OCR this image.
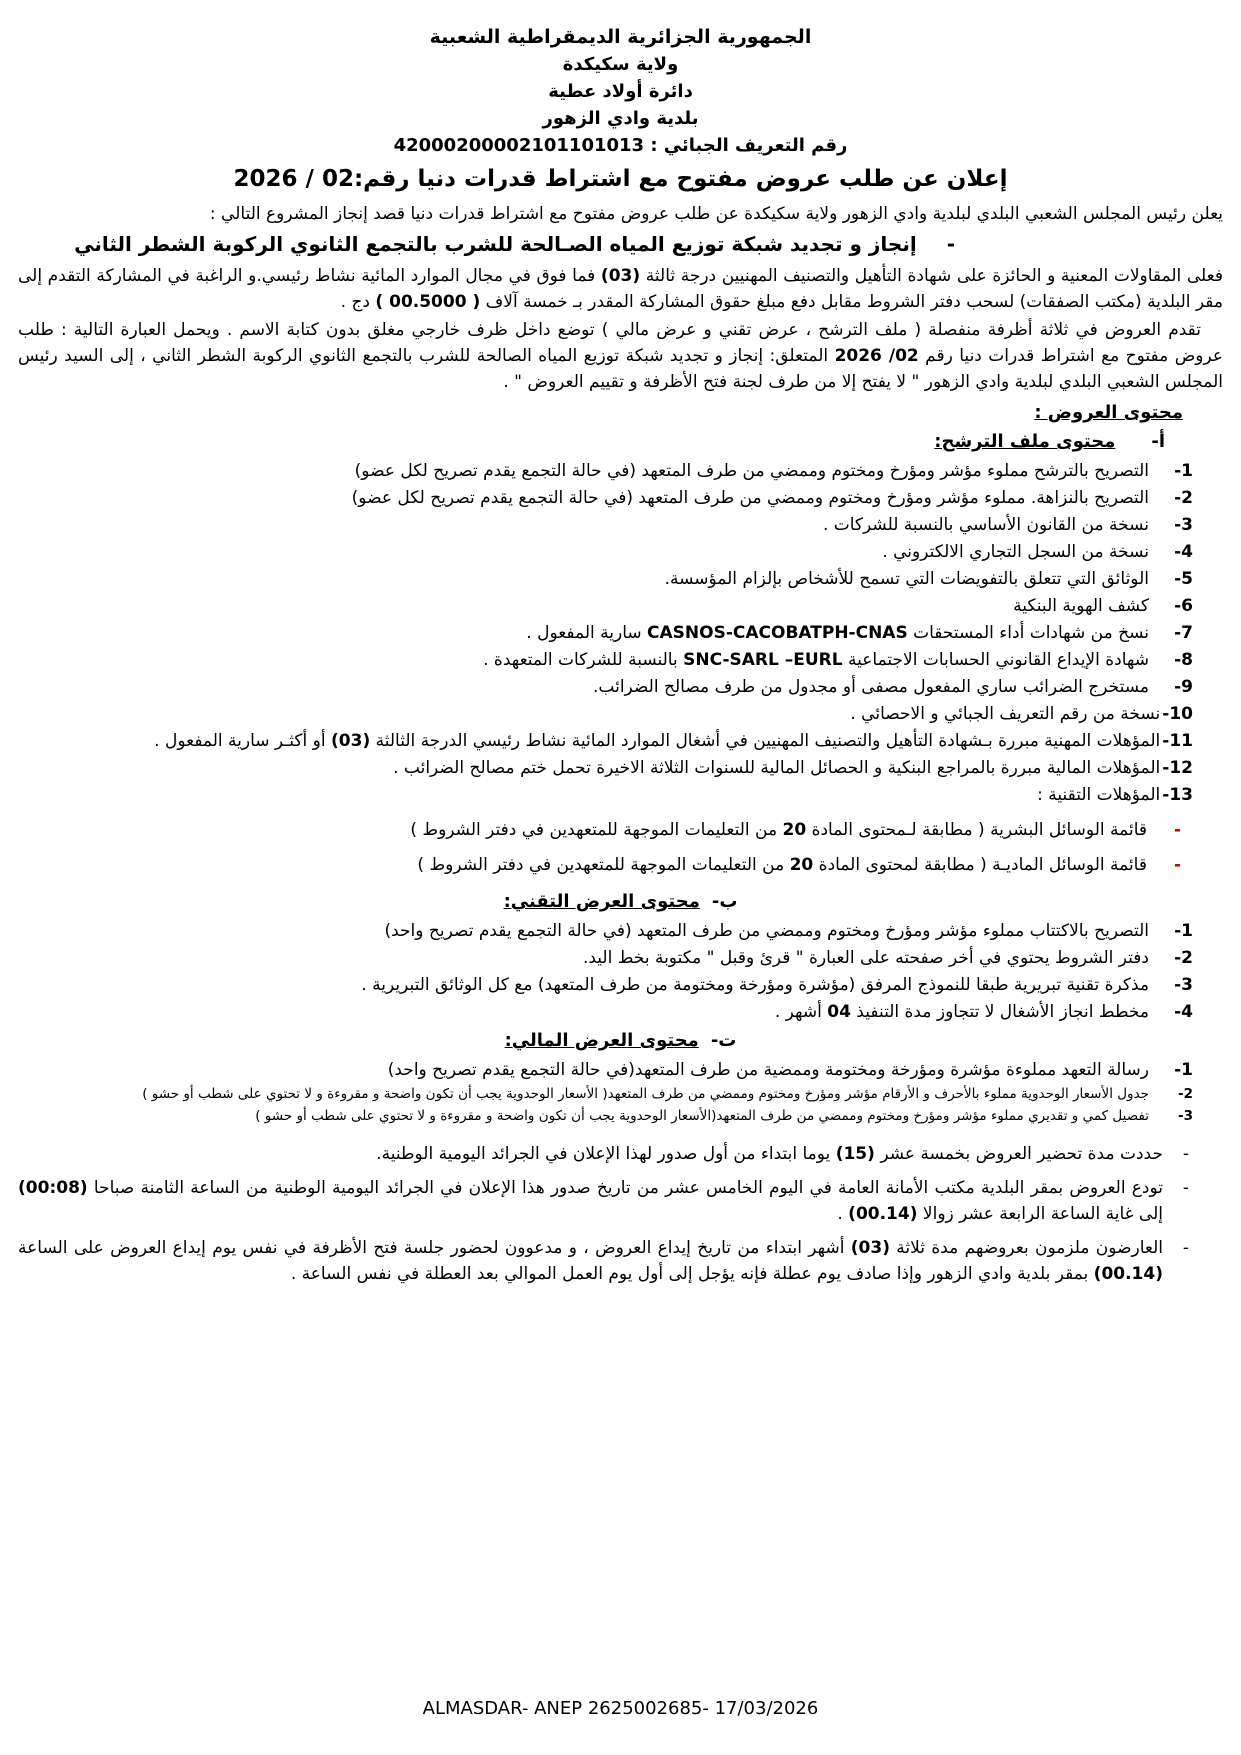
الجمهورية الجزائرية الديمقراطية الشعبية
ولاية سكيكدة
دائرة أولاد عطية
بلدية وادي الزهور
رقم التعريف الجبائي : 42000200002101101013
إعلان عن طلب عروض مفتوح مع اشتراط قدرات دنيا رقم:02 / 2026

يعلن رئيس المجلس الشعبي البلدي لبلدية وادي الزهور ولاية سكيكدة عن طلب عروض مفتوح مع اشتراط قدرات دنيا قصد إنجاز المشروع التالي :

-
إنجاز و تجديد شبكة توزيع المياه الصـالحة للشرب بالتجمع الثانوي الركوبة الشطر الثاني

فعلى المقاولات المعنية و الحائزة على شهادة التأهيل والتصنيف المهنيين درجة ثالثة (03) فما فوق في مجال الموارد المائية نشاط رئيسي.و الراغبة في المشاركة التقدم إلى مقر البلدية (مكتب الصفقات) لسحب دفتر الشروط مقابل دفع مبلغ حقوق المشاركة المقدر بـ خمسة آلاف ( 00.5000 ) دج .

تقدم العروض في ثلاثة أظرفة منفصلة ( ملف الترشح ، عرض تقني و عرض مالي ) توضع داخل ظرف خارجي مغلق بدون كتابة الاسم . ويحمل العبارة التالية : طلب عروض مفتوح مع اشتراط قدرات دنيا رقم 02/ 2026 المتعلق: إنجاز و تجديد شبكة توزيع المياه الصالحة للشرب بالتجمع الثانوي الركوبة الشطر الثاني ، إلى السيد رئيس المجلس الشعبي البلدي لبلدية وادي الزهور " لا يفتح إلا من طرف لجنة فتح الأظرفة و تقييم العروض " .

محتوى العروض :
أ-محتوى ملف الترشح:
1-
التصريح بالترشح مملوء مؤشر ومؤرخ ومختوم وممضي من طرف المتعهد (في حالة التجمع يقدم تصريح لكل عضو)
2-
التصريح بالنزاهة. مملوء مؤشر ومؤرخ ومختوم وممضي من طرف المتعهد (في حالة التجمع يقدم تصريح لكل عضو)
3-
نسخة من القانون الأساسي بالنسبة للشركات .
4-
نسخة من السجل التجاري الالكتروني .
5-
الوثائق التي تتعلق بالتفويضات التي تسمح للأشخاص بإلزام المؤسسة.
6-
كشف الهوية البنكية
7-
نسخ من شهادات أداء المستحقات CASNOS-CACOBATPH-CNAS سارية المفعول .
8-
شهادة الإيداع القانوني الحسابات الاجتماعية SNC-SARL –EURL بالنسبة للشركات المتعهدة .
9-
مستخرج الضرائب ساري المفعول مصفى أو مجدول من طرف مصالح الضرائب.
10-
نسخة من رقم التعريف الجبائي و الاحصائي .
11-
المؤهلات المهنية مبررة بـشهادة التأهيل والتصنيف المهنيين في أشغال الموارد المائية نشاط رئيسي الدرجة الثالثة (03) أو أكثـر سارية المفعول .
12-
المؤهلات المالية مبررة بالمراجع البنكية و الحصائل المالية للسنوات الثلاثة الاخيرة تحمل ختم مصالح الضرائب .
13-
المؤهلات التقنية :
-
قائمة الوسائل البشرية ( مطابقة لـمحتوى المادة 20 من التعليمات الموجهة للمتعهدين في دفتر الشروط )
-
قائمة الوسائل الماديـة ( مطابقة لمحتوى المادة 20 من التعليمات الموجهة للمتعهدين في دفتر الشروط )
ب-محتوى العرض التقني:
1-
التصريح بالاكتتاب مملوء مؤشر ومؤرخ ومختوم وممضي من طرف المتعهد (في حالة التجمع يقدم تصريح واحد)
2-
دفتر الشروط يحتوي في أخر صفحته على العبارة " قرئ وقبل " مكتوبة بخط اليد.
3-
مذكرة تقنية تبريرية طبقا للنموذج المرفق (مؤشرة ومؤرخة ومختومة من طرف المتعهد) مع كل الوثائق التبريرية .
4-
مخطط انجاز الأشغال لا تتجاوز مدة التنفيذ 04 أشهر .
ت-محتوى العرض المالي:
1-
رسالة التعهد مملوءة مؤشرة ومؤرخة ومختومة وممضية من طرف المتعهد(في حالة التجمع يقدم تصريح واحد)
2-
جدول الأسعار الوحدوية مملوء بالأحرف و الأرقام مؤشر ومؤرخ ومختوم وممضي من طرف المتعهد( الأسعار الوحدوية يجب أن تكون واضحة و مقروءة و لا تحتوي على شطب أو حشو )
3-
تفصيل كمي و تقديري مملوء مؤشر ومؤرخ ومختوم وممضي من طرف المتعهد(الأسعار الوحدوية يجب أن تكون واضحة و مقروءة و لا تحتوي على شطب أو حشو )
-
حددت مدة تحضير العروض بخمسة عشر (15) يوما ابتداء من أول صدور لهذا الإعلان في الجرائد اليومية الوطنية.
-
تودع العروض بمقر البلدية مكتب الأمانة العامة في اليوم الخامس عشر من تاريخ صدور هذا الإعلان في الجرائد اليومية الوطنية من الساعة الثامنة صباحا (00:08) إلى غاية الساعة الرابعة عشر زوالا (00.14) .
-
العارضون ملزمون بعروضهم مدة ثلاثة (03) أشهر ابتداء من تاريخ إيداع العروض ، و مدعوون لحضور جلسة فتح الأظرفة في نفس يوم إيداع العروض على الساعة (00.14) بمقر بلدية وادي الزهور وإذا صادف يوم عطلة فإنه يؤجل إلى أول يوم العمل الموالي بعد العطلة في نفس الساعة .
ALMASDAR- ANEP 2625002685- 17/03/2026
